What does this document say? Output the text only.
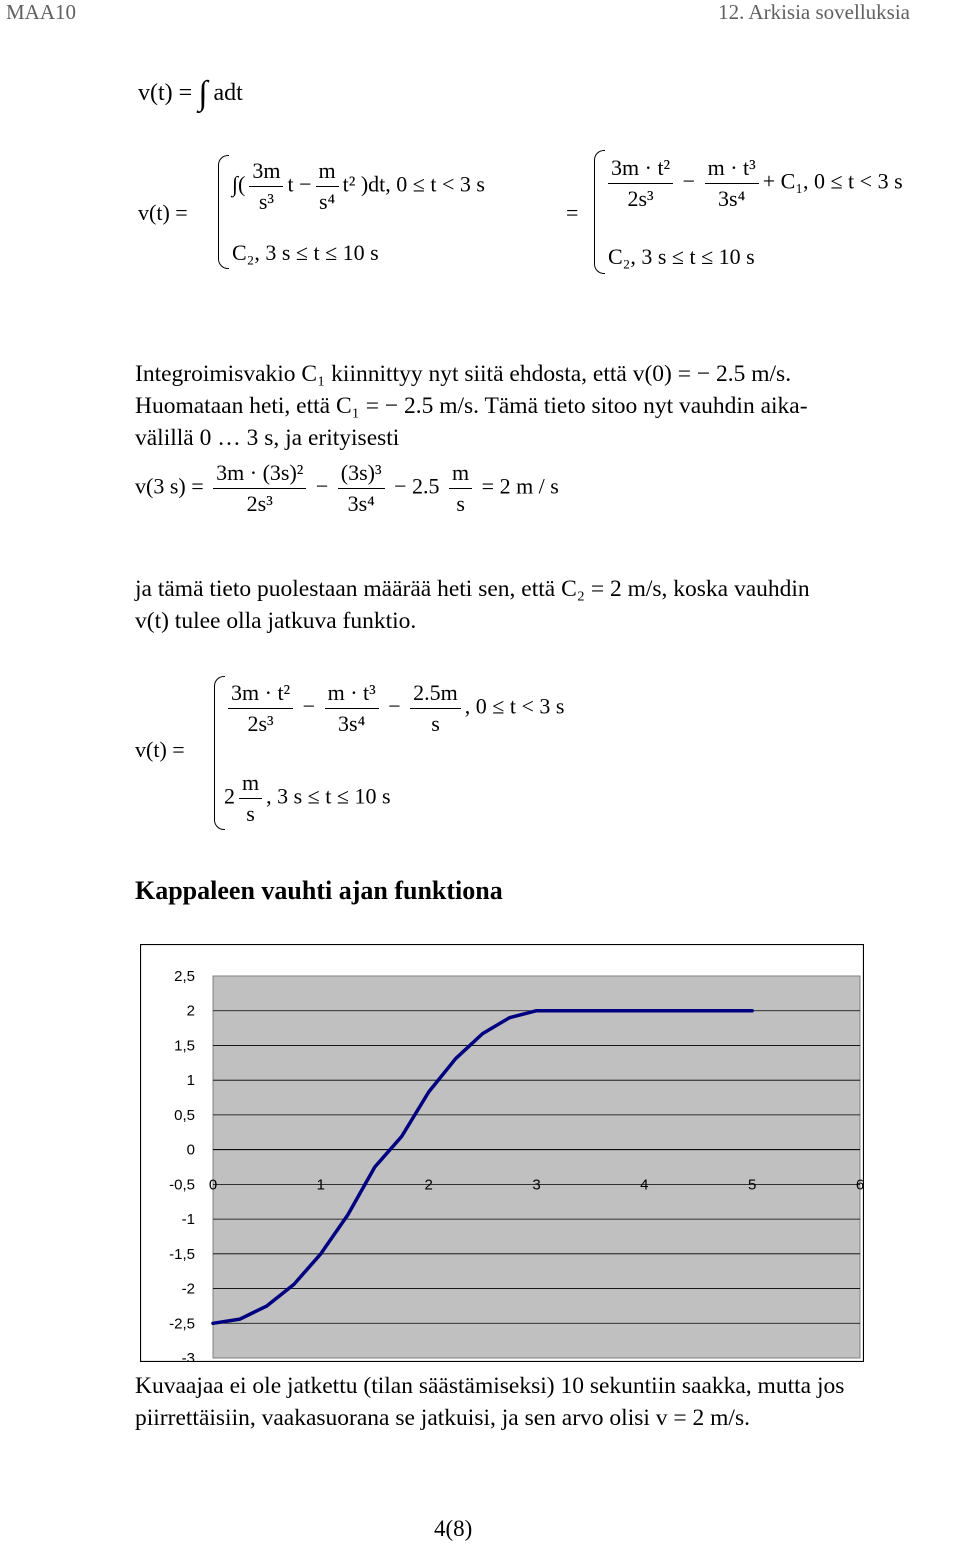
MAA10	12. Arkisia sovelluksia
v(t) = ∫ adt
v(t) =
∫( $\frac{3m}{\text{s³}}$ $t - \frac{m}{\text{s⁴}} t^2$ )dt, 0 ≤ t < 3 s
C₂, 3 s ≤ t ≤ 10 s
=
$\frac{\text{3m · t²}}{\text{2s³}} - \frac{\text{m · t³}}{\text{3s⁴}} + C_1$, 0 ≤ t < 3 s
C₂, 3 s ≤ t ≤ 10 s
Integroimisvakio C₁ kiinnittyy nyt siitä ehdosta, että v(0) = − 2.5 m/s. Huomataan heti, että C₁ = − 2.5 m/s. Tämä tieto sitoo nyt vauhdin aika-välillä 0 … 3 s, ja erityisesti
v(3 $s) = \frac{\text{3m · (3s)²}}{\text{2s³}} - \frac{\text{(3s)³}}{\text{3s⁴}} - 2.5 \frac{m}{s} = 2$ m / s
ja tämä tieto puolestaan määrää heti sen, että C₂ = 2 m/s, koska vauhdin v(t) tulee olla jatkuva funktio.
v(t) =
$\frac{\text{3m · t²}}{\text{2s³}} - \frac{\text{m · t³}}{\text{3s⁴}} - \frac{2.5m}{s}$ , 0 ≤ t < 3 s
$2 \frac{m}{s}$ , 3 s ≤ t ≤ 10 s
Kappaleen vauhti ajan funktiona
2,5
2
1,5
1
0,5
0
-0,5
-1
-1,5
-2
-2,5
-3
0	1	2	3	4	5	6
Kuvaajaa ei ole jatkettu (tilan säästämiseksi) 10 sekuntiin saakka, mutta jos piirrettäisiin, vaakasuorana se jatkuisi, ja sen arvo olisi v = 2 m/s.
4(8)
